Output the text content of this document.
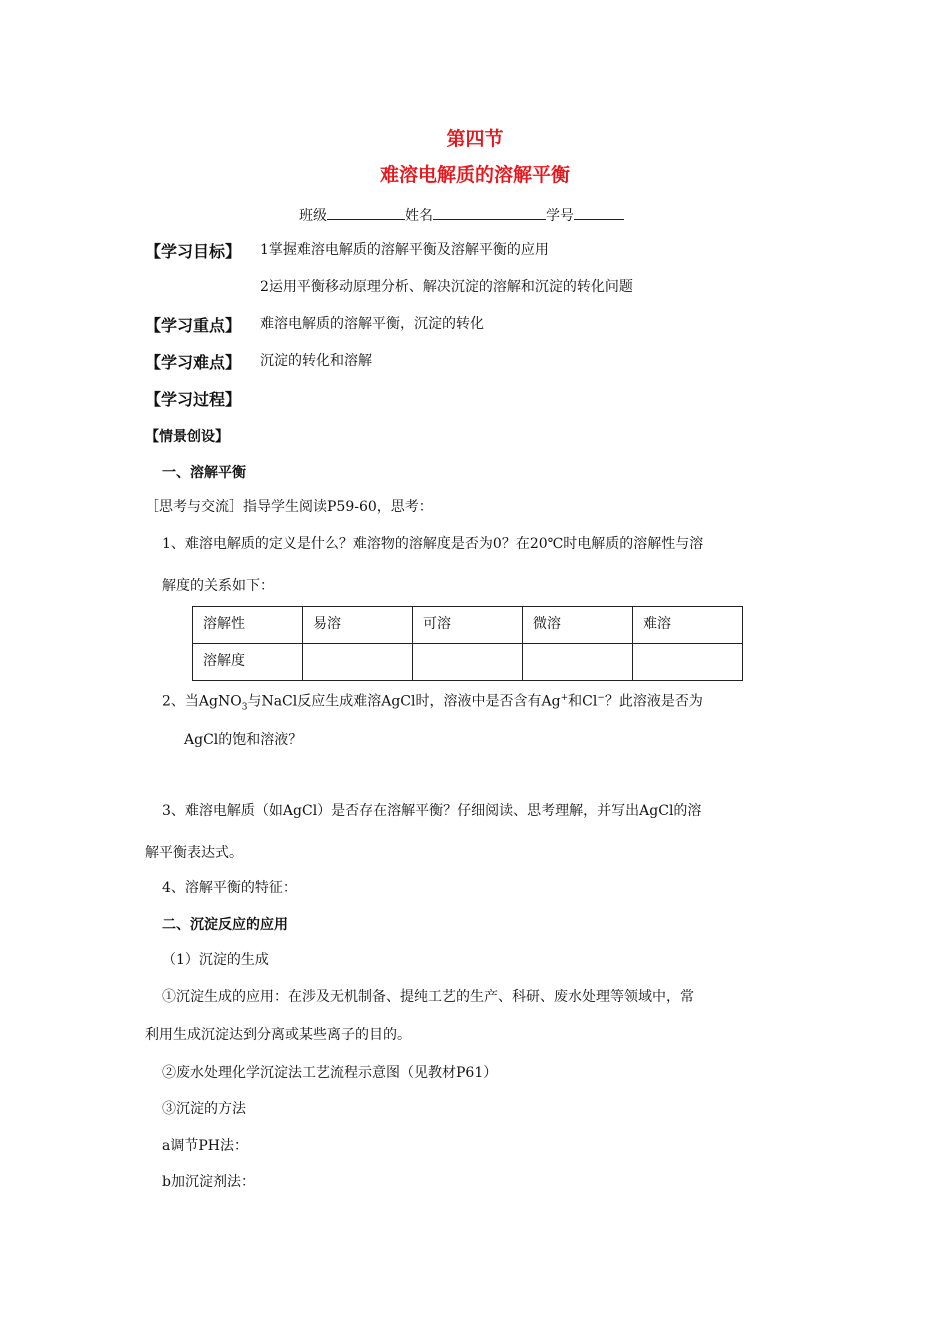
第四节
难溶电解质的溶解平衡
班级	姓名	学号
【学习目标】 1掌握难溶电解质的溶解平衡及溶解平衡的应用
2运用平衡移动原理分析、解决沉淀的溶解和沉淀的转化问题
【学习重点】 难溶电解质的溶解平衡，沉淀的转化
【学习难点】 沉淀的转化和溶解
【学习过程】
【情景创设】
一、溶解平衡
［思考与交流］指导学生阅读P59-60，思考：
1、难溶电解质的定义是什么？难溶物的溶解度是否为0？在20℃时电解质的溶解性与溶
解度的关系如下：
溶解性	易溶	可溶	微溶	难溶
溶解度				
2、当AgNO$_3$与NaCl反应生成难溶AgCl时，溶液中是否含有Ag+和Cl−？此溶液是否为
AgCl的饱和溶液？
3、难溶电解质（如AgCl）是否存在溶解平衡？仔细阅读、思考理解，并写出AgCl的溶
解平衡表达式。
4、溶解平衡的特征：
二、沉淀反应的应用
（1）沉淀的生成
①沉淀生成的应用：在涉及无机制备、提纯工艺的生产、科研、废水处理等领域中，常
利用生成沉淀达到分离或某些离子的目的。
②废水处理化学沉淀法工艺流程示意图（见教材P61）
③沉淀的方法
a调节PH法：
b加沉淀剂法：
